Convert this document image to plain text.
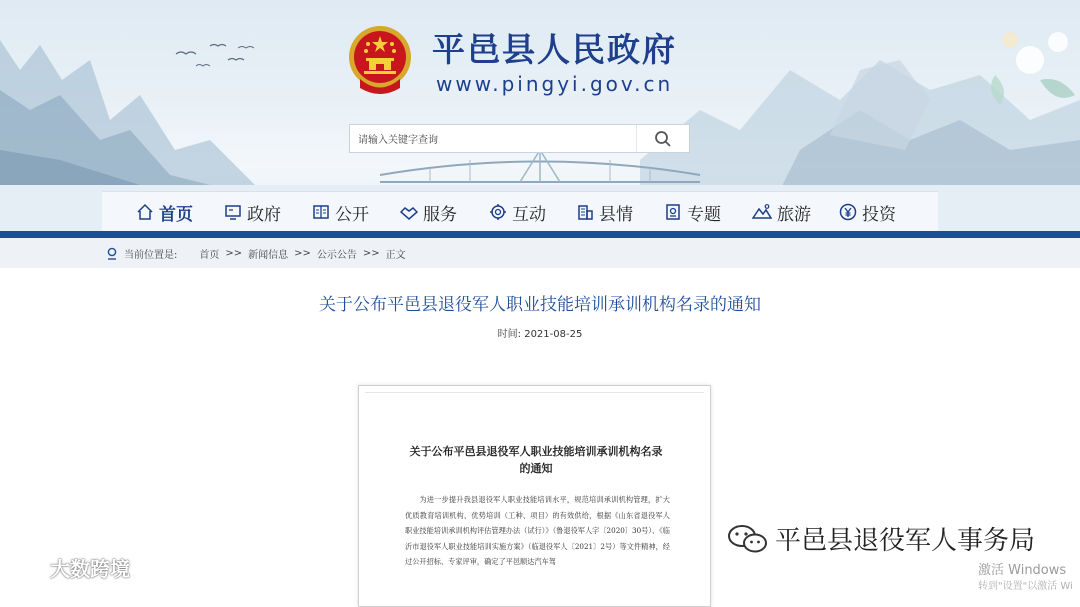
平邑县人民政府
www.pingyi.gov.cn
请输入关键字查询
首页	政府	公开	服务	互动	县情	专题	旅游	投资
当前位置是: 首页 >> 新闻信息 >> 公示公告 >> 正文
关于公布平邑县退役军人职业技能培训承训机构名录的通知
时间: 2021-08-25
关于公布平邑县退役军人职业技能培训承训机构名录的通知
为进一步提升我县退役军人职业技能培训水平，规范培训承训机构管理，扩大优质教育培训机构、优势培训（工种、项目）的有效供给，根据《山东省退役军人职业技能培训承训机构评估管理办法（试行）》（鲁退役军人字〔2020〕30号）、《临沂市退役军人职业技能培训实施方案》（临退役军人〔2021〕2号）等文件精神，经过公开招标、专家评审，确定了平邑顺达汽车驾
平邑县退役军人事务局
激活 Windows
转到"设置"以激活 Wi
大数跨境
